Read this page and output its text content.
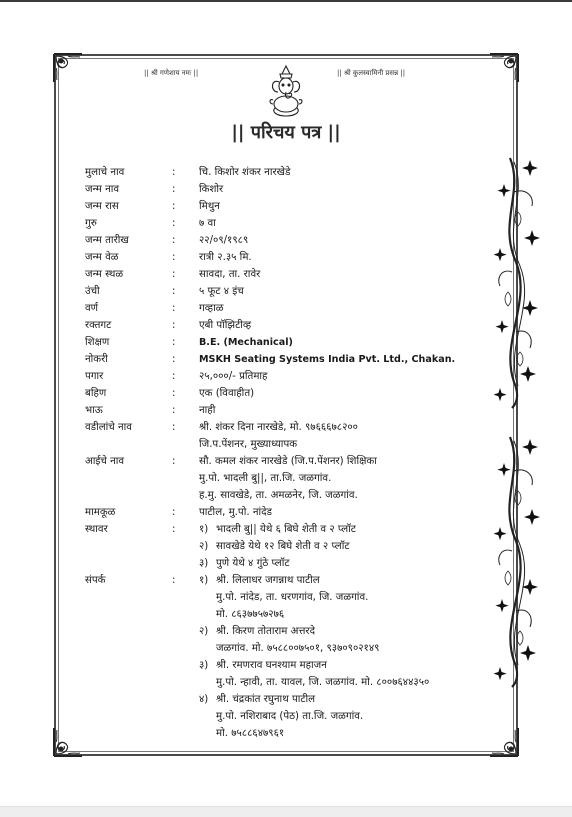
|| श्री गणेशाय नमः ||	|| श्री कुलस्वामिनी प्रसन्न ||
|| परिचय पत्र ||
मुलाचे नाव	: चि. किशोर शंकर नारखेडे
जन्म नाव	: किशोर
जन्म रास	: मिथुन
गुरु	: ७ वा
जन्म तारीख	: २२/०९/१९८९
जन्म वेळ	: रात्री २.३५ मि.
जन्म स्थळ	: सावदा, ता. रावेर
उंची	: ५ फूट ४ इंच
वर्ण	: गव्हाळ
रक्तगट	: एबी पॉझिटीव्ह
शिक्षण	: B.E. (Mechanical)
नोकरी	: MSKH Seating Systems India Pvt. Ltd., Chakan.
पगार	: २५,०००/- प्रतिमाह
बहिण	: एक (विवाहीत)
भाऊ	: नाही
वडीलांचे नाव	: श्री. शंकर दिना नारखेडे, मो. ९७६६६७८२००
जि.प.पेंशनर, मुख्याध्यापक
आईचे नाव	: सौ. कमल शंकर नारखेडे (जि.प.पेंशनर) शिक्षिका
मु.पो. भादली बु||, ता.जि. जळगांव.
ह.मु. सावखेडे, ता. अमळनेर, जि. जळगांव.
मामकूळ	: पाटील, मु.पो. नांदेड
स्थावर	: १) भादली बु|| येथे ६ बिघे शेती व २ प्लॉट
२) सावखेडे येथे १२ बिघे शेती व २ प्लॉट
३) पुणे येथे ४ गुंठे प्लॉट
संपर्क	: १) श्री. लिलाधर जगन्नाथ पाटील
मु.पो. नांदेड, ता. धरणगांव, जि. जळगांव.
मो. ८६३७७५७२७६
२) श्री. किरण तोताराम अत्तरदे
जळगांव. मो. ७५८८००७५०१, ९३७०९०२१४९
३) श्री. रमणराव घनश्याम महाजन
मु.पो. न्हावी, ता. यावल, जि. जळगांव. मो. ८००७६४४३५०
४) श्री. चंद्रकांत रघुनाथ पाटील
मु.पो. नशिराबाद (पेठ) ता.जि. जळगांव.
मो. ७५८८६४७९६१
